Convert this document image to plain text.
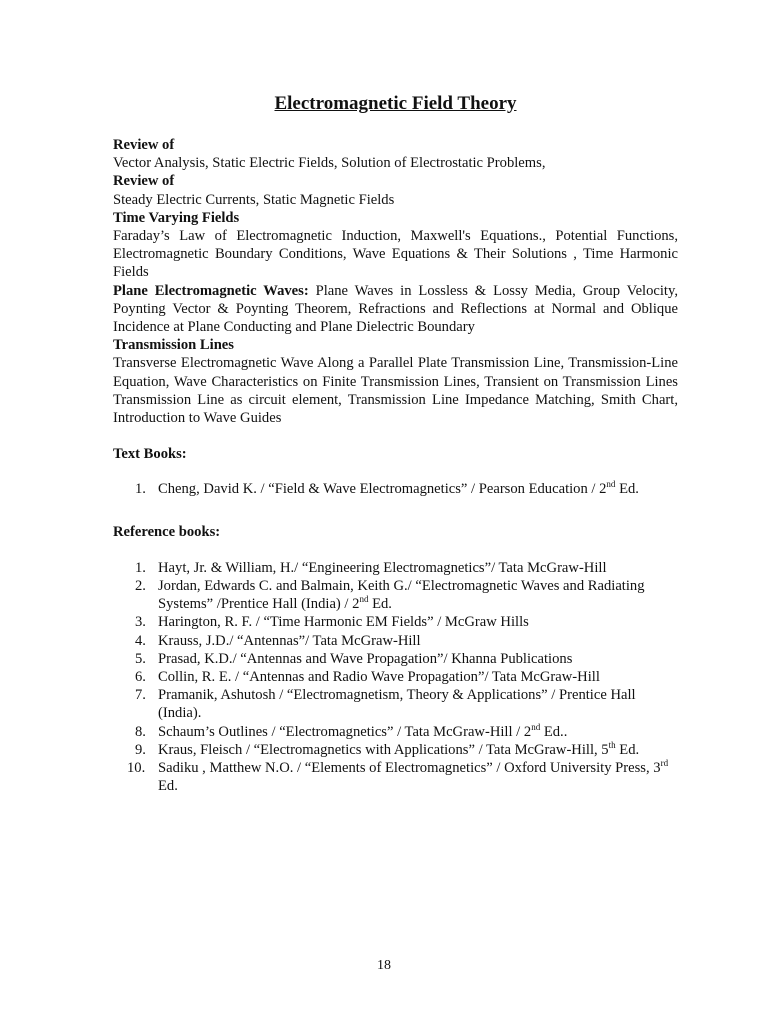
Electromagnetic Field Theory
Review of
Vector Analysis, Static Electric Fields, Solution of Electrostatic Problems,
Review of
Steady Electric Currents, Static Magnetic Fields
Time Varying Fields
Faraday’s Law of Electromagnetic Induction, Maxwell's Equations., Potential Functions, Electromagnetic Boundary Conditions, Wave Equations & Their Solutions , Time Harmonic Fields
Plane Electromagnetic Waves: Plane Waves in Lossless & Lossy Media, Group Velocity, Poynting Vector & Poynting Theorem, Refractions and Reflections at Normal and Oblique Incidence at Plane Conducting and Plane Dielectric Boundary
Transmission Lines
Transverse Electromagnetic Wave Along a Parallel Plate Transmission Line, Transmission-Line Equation, Wave Characteristics on Finite Transmission Lines, Transient on Transmission Lines Transmission Line as circuit element, Transmission Line Impedance Matching, Smith Chart, Introduction to Wave Guides
Text Books:
1. Cheng, David K. / “Field & Wave Electromagnetics” / Pearson Education / 2nd Ed.
Reference books:
1. Hayt, Jr. & William, H./ “Engineering Electromagnetics”/ Tata McGraw-Hill
2. Jordan, Edwards C. and Balmain, Keith G./ “Electromagnetic Waves and Radiating Systems” /Prentice Hall (India) / 2nd Ed.
3. Harington, R. F. / “Time Harmonic EM Fields” / McGraw Hills
4. Krauss, J.D./ “Antennas”/ Tata McGraw-Hill
5. Prasad, K.D./ “Antennas and Wave Propagation”/ Khanna Publications
6. Collin, R. E. / “Antennas and Radio Wave Propagation”/ Tata McGraw-Hill
7. Pramanik, Ashutosh / “Electromagnetism, Theory & Applications” / Prentice Hall (India).
8. Schaum’s Outlines / “Electromagnetics” / Tata McGraw-Hill / 2nd Ed..
9. Kraus, Fleisch / “Electromagnetics with Applications” / Tata McGraw-Hill, 5th Ed.
10. Sadiku , Matthew N.O. / “Elements of Electromagnetics” / Oxford University Press, 3rd Ed.
18
